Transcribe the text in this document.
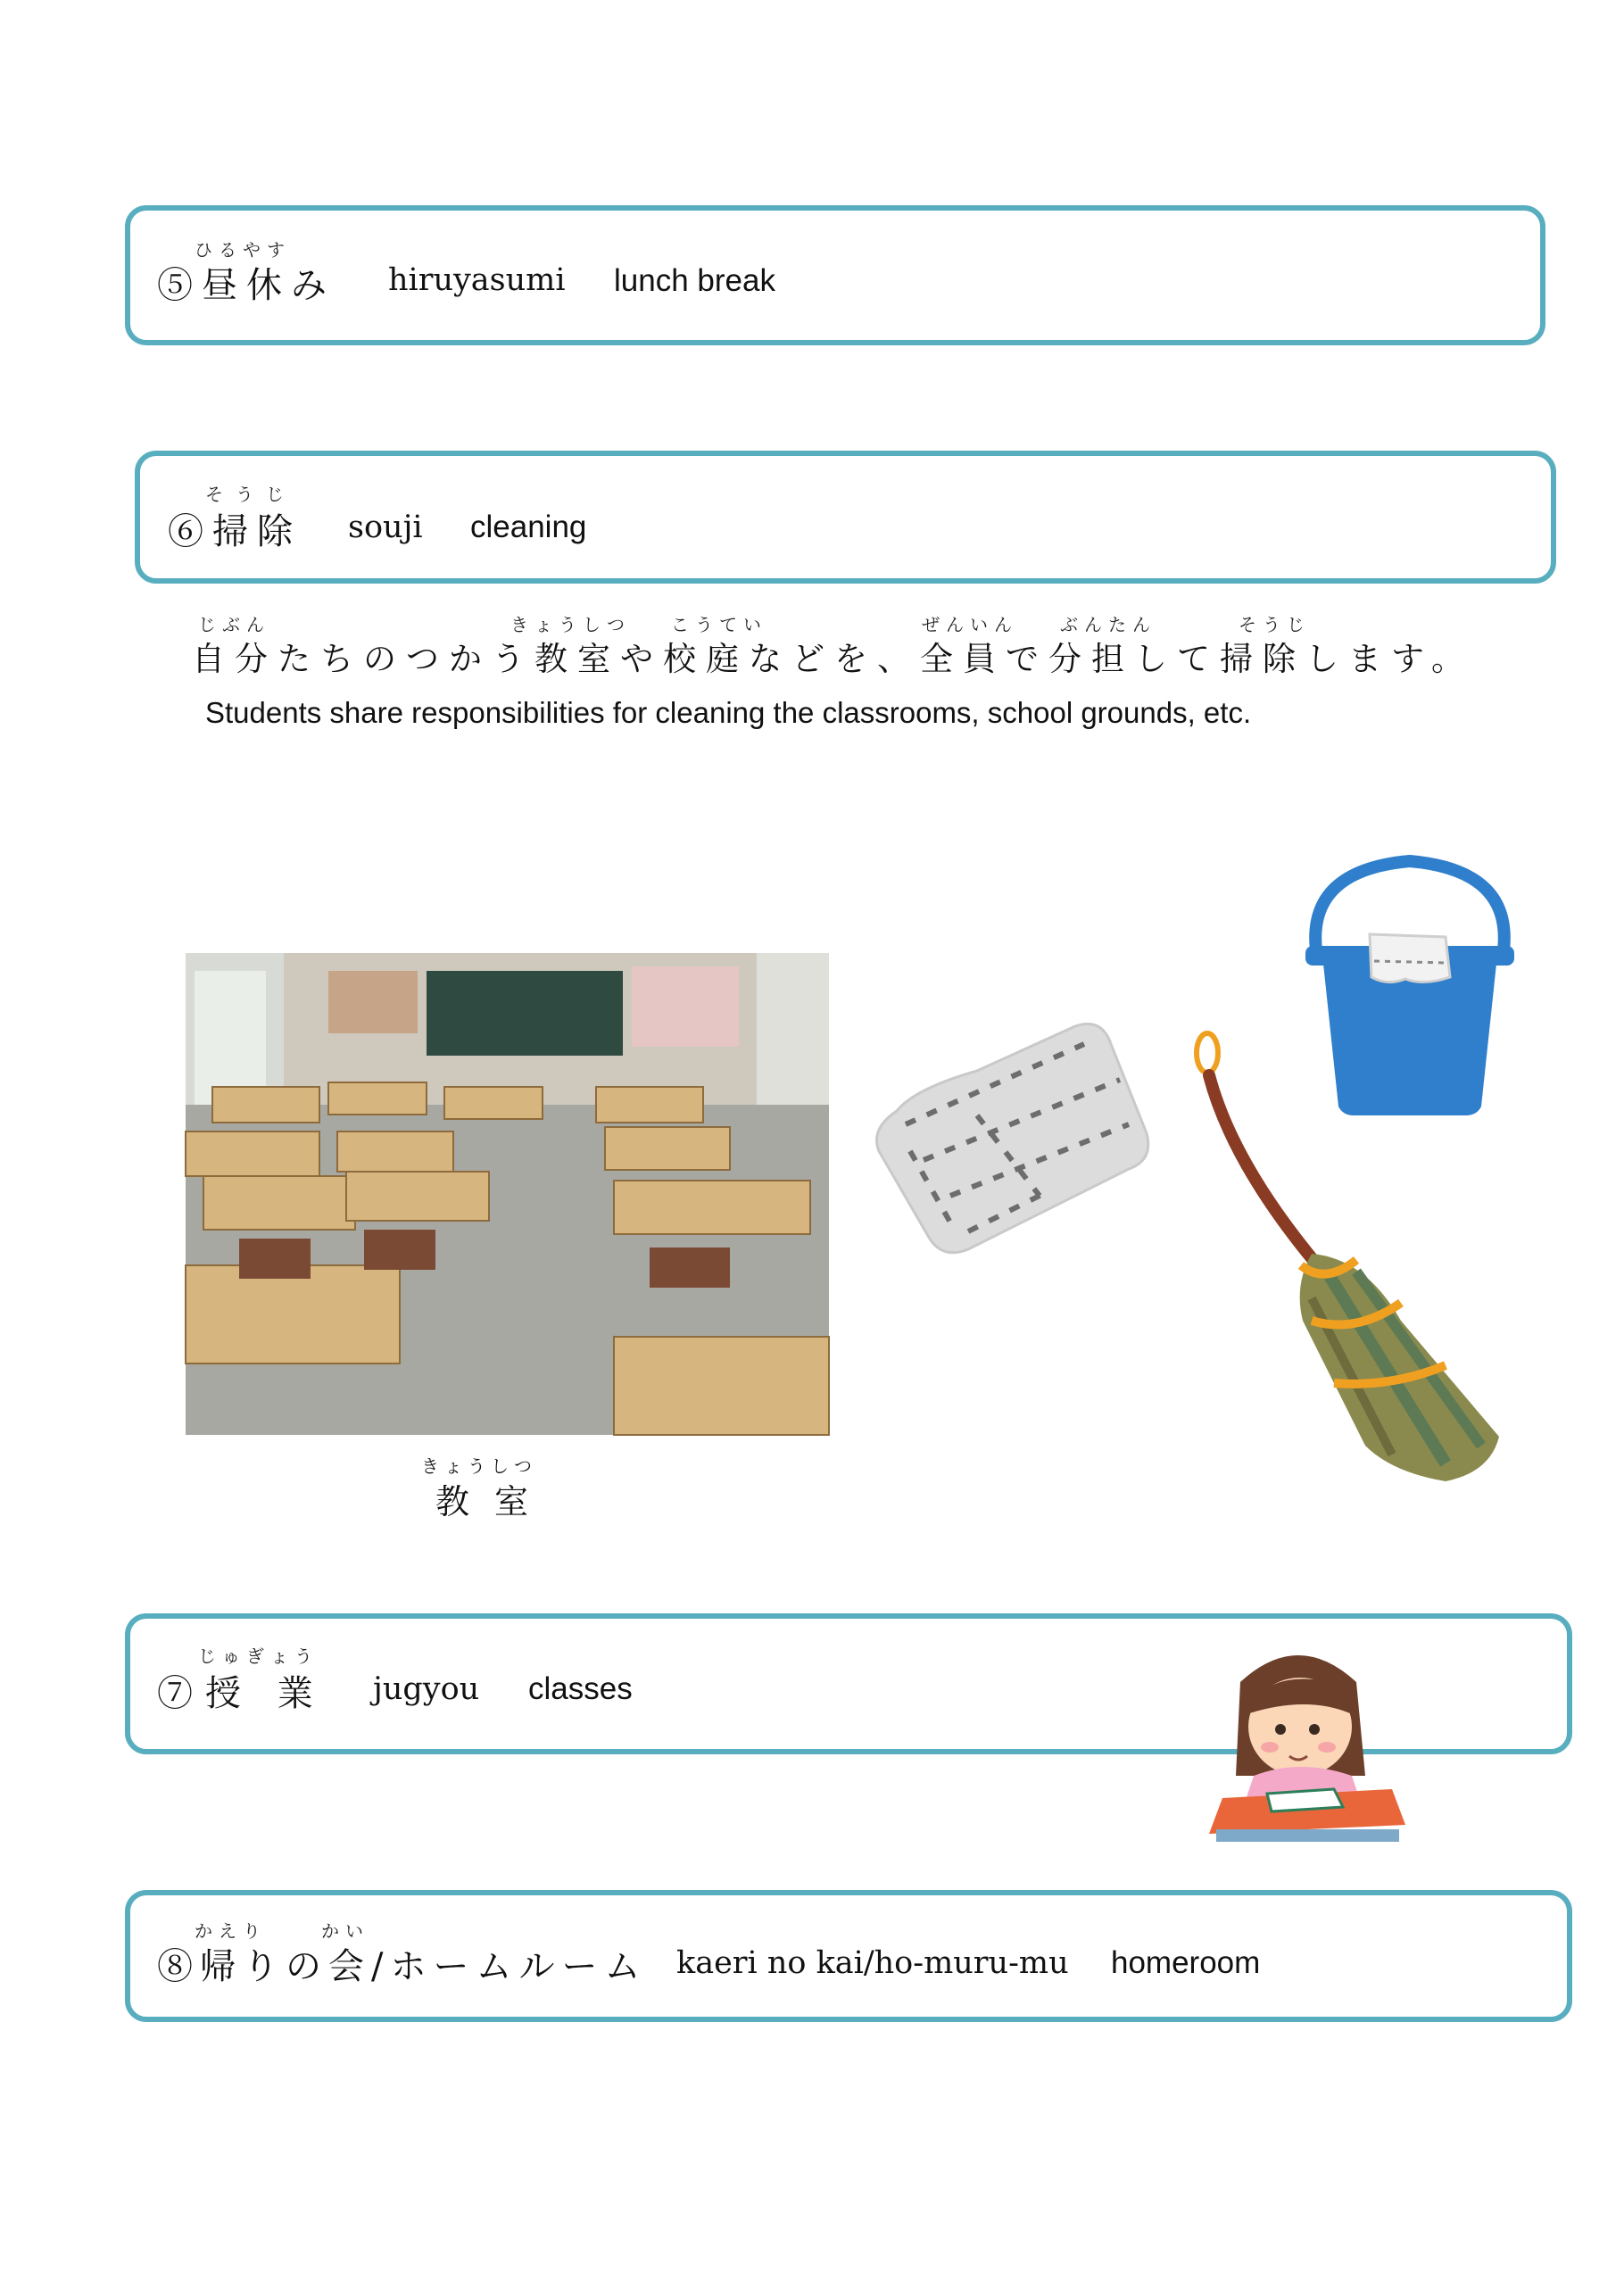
ひるやす
⑤昼休み hiruyasumi lunch break
そうじ
⑥掃除 souji cleaning
じぶん	きょうしつ こうてい	ぜんいん ぶんたん	そうじ
自分たちのつかう教室や校庭などを、全員で分担して掃除します。
Students share responsibilities for cleaning the classrooms, school grounds, etc.
きょうしつ
教室
じゅぎょう
⑦授 業 jugyou classes
かえり	かい
⑧帰りの会/ホームルーム kaeri no kai/ho-muru-mu homeroom
